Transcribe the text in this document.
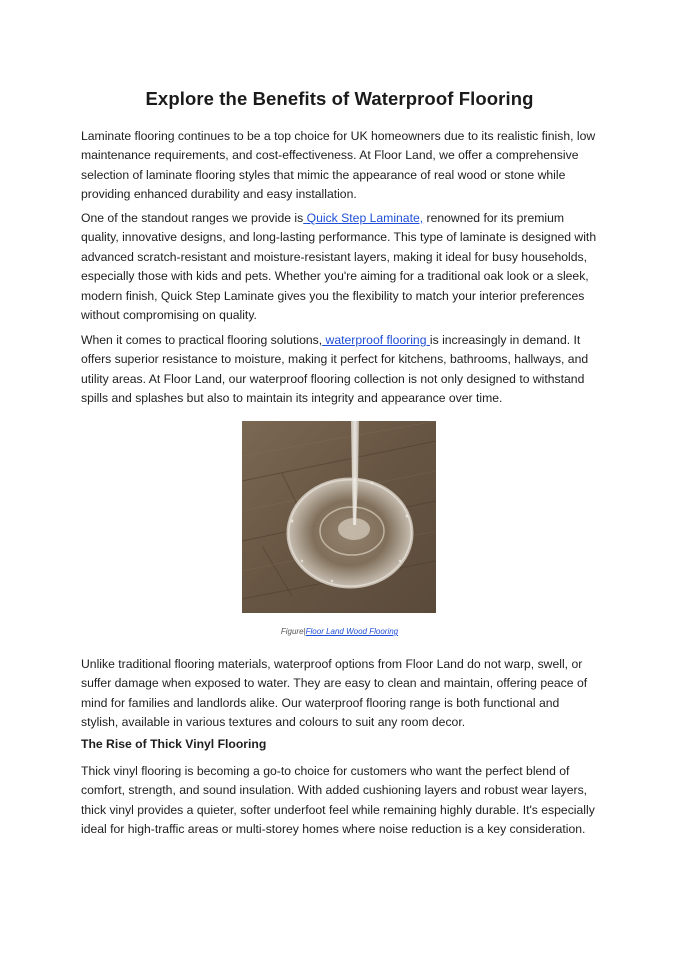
Explore the Benefits of Waterproof Flooring

Laminate flooring continues to be a top choice for UK homeowners due to its realistic finish, low maintenance requirements, and cost-effectiveness. At Floor Land, we offer a comprehensive selection of laminate flooring styles that mimic the appearance of real wood or stone while providing enhanced durability and easy installation.

One of the standout ranges we provide is Quick Step Laminate, renowned for its premium quality, innovative designs, and long-lasting performance. This type of laminate is designed with advanced scratch-resistant and moisture-resistant layers, making it ideal for busy households, especially those with kids and pets. Whether you're aiming for a traditional oak look or a sleek, modern finish, Quick Step Laminate gives you the flexibility to match your interior preferences without compromising on quality.

When it comes to practical flooring solutions, waterproof flooring is increasingly in demand. It offers superior resistance to moisture, making it perfect for kitchens, bathrooms, hallways, and utility areas. At Floor Land, our waterproof flooring collection is not only designed to withstand spills and splashes but also to maintain its integrity and appearance over time.

Figure|Floor Land Wood Flooring

Unlike traditional flooring materials, waterproof options from Floor Land do not warp, swell, or suffer damage when exposed to water. They are easy to clean and maintain, offering peace of mind for families and landlords alike. Our waterproof flooring range is both functional and stylish, available in various textures and colours to suit any room decor.

The Rise of Thick Vinyl Flooring

Thick vinyl flooring is becoming a go-to choice for customers who want the perfect blend of comfort, strength, and sound insulation. With added cushioning layers and robust wear layers, thick vinyl provides a quieter, softer underfoot feel while remaining highly durable. It's especially ideal for high-traffic areas or multi-storey homes where noise reduction is a key consideration.
